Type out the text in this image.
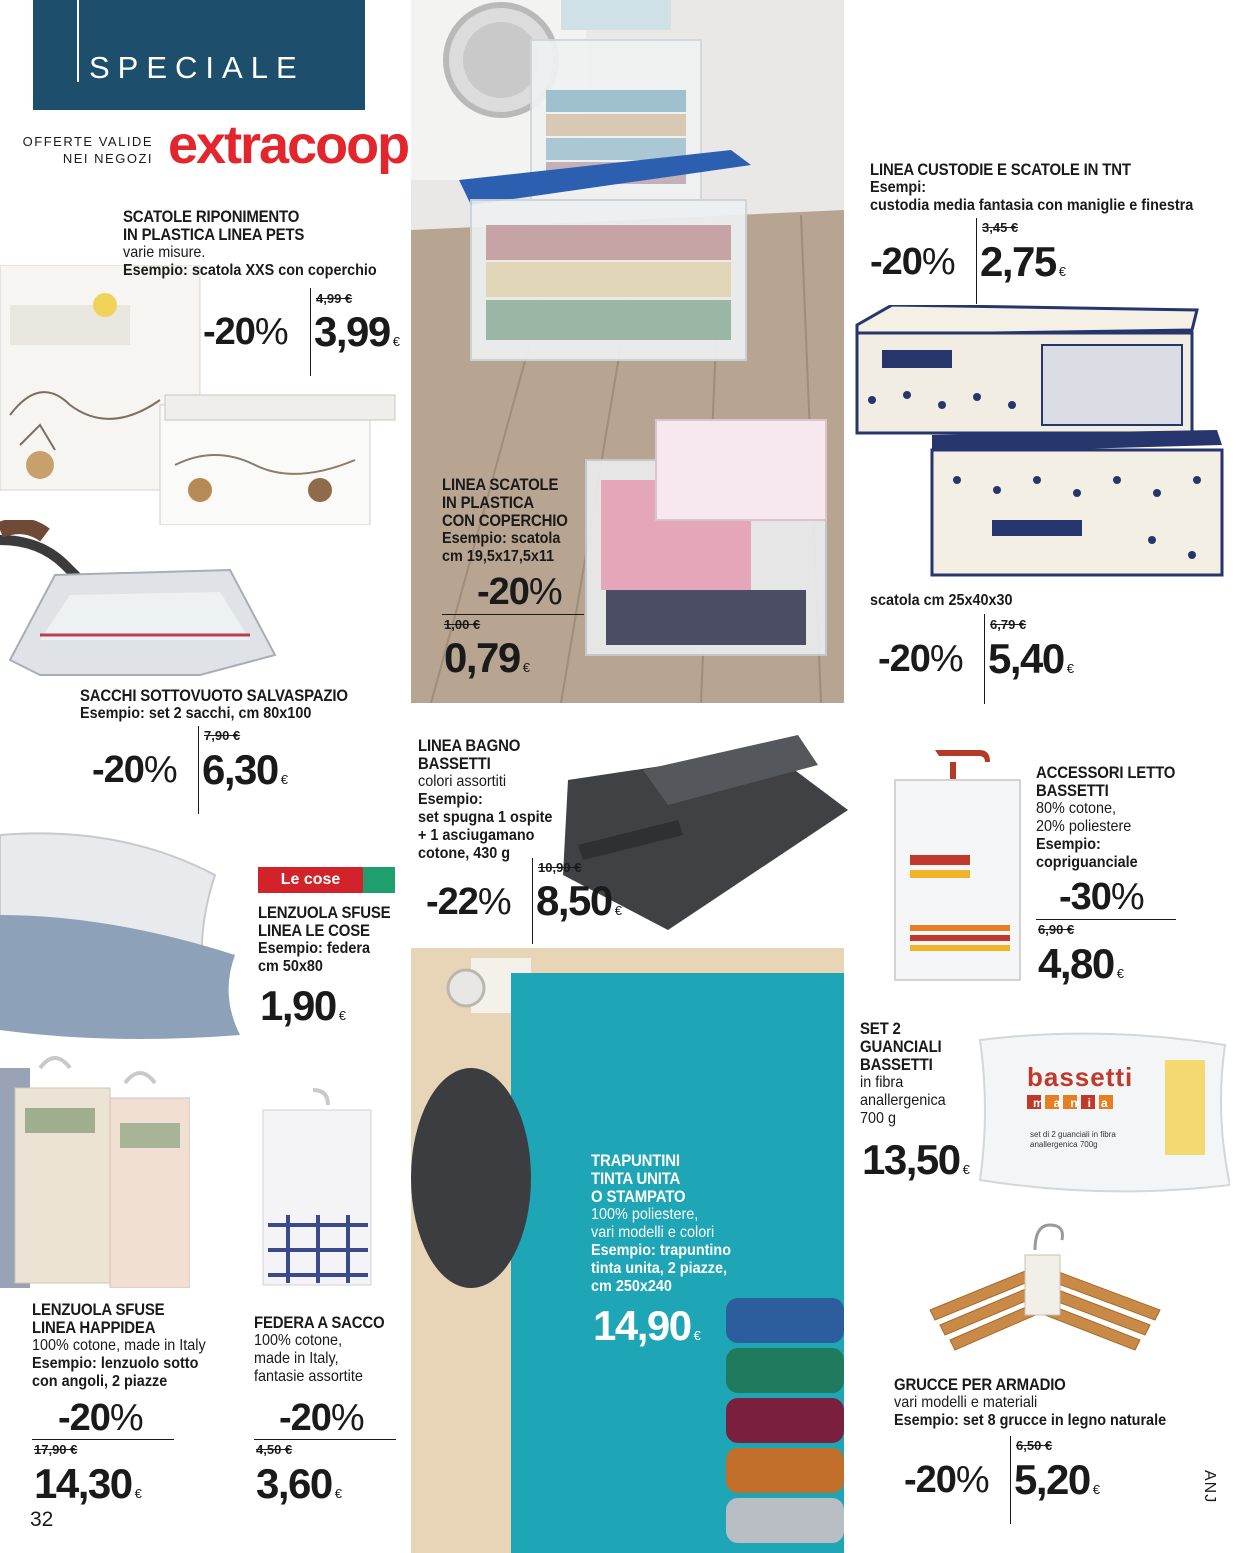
bassetti
bassetti
mania
set di 2 guanciali in fibra anallergenica 700g
SPECIALE
OFFERTE VALIDE
NEI NEGOZI extracoop
SCATOLE RIPONIMENTO
IN PLASTICA LINEA PETS
varie misure.
Esempio: scatola XXS con coperchio
4,99 €
-20% 3,99 €
LINEA SCATOLE
IN PLASTICA
CON COPERCHIO
Esempio: scatola
cm 19,5x17,5x11
-20%
1,00 €
0,79 €
LINEA CUSTODIE E SCATOLE IN TNT
Esempi:
custodia media fantasia con maniglie e finestra
3,45 €
-20% 2,75 €
scatola cm 25x40x30
6,79 €
-20% 5,40 €
SACCHI SOTTOVUOTO SALVASPAZIO
Esempio: set 2 sacchi, cm 80x100
7,90 €
-20% 6,30 €
LINEA BAGNO
BASSETTI
colori assortiti
Esempio:
set spugna 1 ospite
+ 1 asciugamano
cotone, 430 g
10,90 €
-22% 8,50 €
ACCESSORI LETTO
BASSETTI
80% cotone,
20% poliestere
Esempio:
copriguanciale
-30%
6,90 €
4,80 €
Le cose
LENZUOLA SFUSE
LINEA LE COSE
Esempio: federa
cm 50x80
1,90 €
SET 2
GUANCIALI
BASSETTI
in fibra
anallergenica
700 g
13,50 €
TRAPUNTINI
TINTA UNITA
O STAMPATO
100% poliestere,
vari modelli e colori
Esempio: trapuntino
tinta unita, 2 piazze,
cm 250x240
14,90 €
LENZUOLA SFUSE
LINEA HAPPIDEA
100% cotone, made in Italy
Esempio: lenzuolo sotto
con angoli, 2 piazze
-20%
17,90 €
14,30 €
FEDERA A SACCO
100% cotone,
made in Italy,
fantasie assortite
-20%
4,50 €
3,60 €
GRUCCE PER ARMADIO
vari modelli e materiali
Esempio: set 8 grucce in legno naturale
6,50 €
-20% 5,20 €
32
ANJ
